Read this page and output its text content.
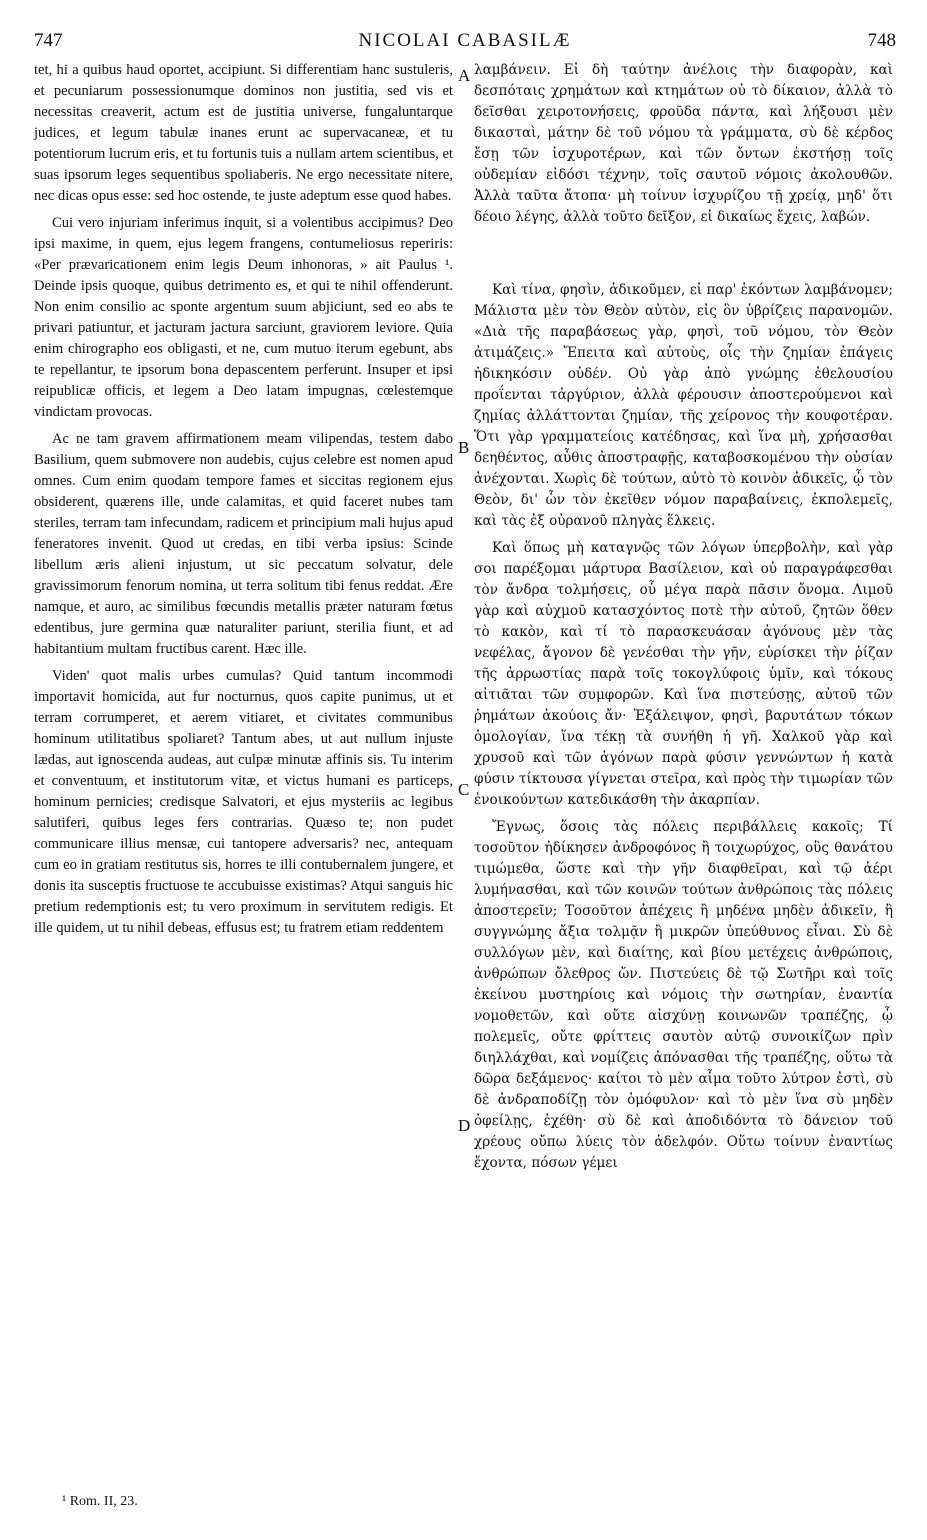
747	NICOLAI CABASILÆ	748

tet, hi a quibus haud oportet, accipiunt. Si differentiam hanc sustuleris, et pecuniarum possessionumque dominos non justitia, sed vis et necessitas creaverit, actum est de justitia universe, fungaluntarque judices, et legum tabulæ inanes erunt ac supervacaneæ, et tu potentiorum lucrum eris, et tu fortunis tuis a nullam artem scientibus, et suas ipsorum leges sequentibus spoliaberis. Ne ergo necessitate nitere, nec dicas opus esse: sed hoc ostende, te juste adeptum esse quod habes.

Cui vero injuriam inferimus inquit, si a volentibus accipimus? Deo ipsi maxime, in quem, ejus legem frangens, contumeliosus reperiris: «Per prævaricationem enim legis Deum inhonoras, » ait Paulus ¹. Deinde ipsis quoque, quibus detrimento es, et qui te nihil offenderunt. Non enim consilio ac sponte argentum suum abjiciunt, sed eo abs te privari patiuntur, et jacturam jactura sarciunt, graviorem leviore. Quia enim chirographo eos obligasti, et ne, cum mutuo iterum egebunt, abs te repellantur, te ipsorum bona depascentem perferunt. Insuper et ipsi reipublicæ officis, et legem a Deo latam impugnas, cœlestemque vindictam provocas.

Ac ne tam gravem affirmationem meam vilipendas, testem dabo Basilium, quem submovere non audebis, cujus celebre est nomen apud omnes. Cum enim quodam tempore fames et siccitas regionem ejus obsiderent, quærens ille, unde calamitas, et quid faceret nubes tam steriles, terram tam infecundam, radicem et principium mali hujus apud feneratores invenit. Quod ut credas, en tibi verba ipsius: Scinde libellum æris alieni injustum, ut sic peccatum solvatur, dele gravissimorum fenorum nomina, ut terra solitum tibi fenus reddat. Ære namque, et auro, ac similibus fœcundis metallis præter naturam fœtus edentibus, jure germina quæ naturaliter pariunt, sterilia fiunt, et ad habitantium multam fructibus carent. Hæc ille.

Viden' quot malis urbes cumulas? Quid tantum incommodi importavit homicida, aut fur nocturnus, quos capite punimus, ut et terram corrumperet, et aerem vitiaret, et civitates communibus hominum utilitatibus spoliaret? Tantum abes, ut aut nullum injuste lædas, aut ignoscenda audeas, aut culpæ minutæ affinis sis. Tu interim et conventuum, et institutorum vitæ, et victus humani es particeps, hominum pernicies; credisque Salvatori, et ejus mysteriis ac legibus salutiferi, quibus leges fers contrarias. Quæso te; non pudet communicare illius mensæ, cui tantopere adversaris? nec, antequam cum eo in gratiam restitutus sis, horres te illi contubernalem jungere, et donis ita susceptis fructuose te accubuisse existimas? Atqui sanguis hic pretium redemptionis est; tu vero proximum in servitutem redigis. Et ille quidem, ut tu nihil debeas, effusus est; tu fratrem etiam reddentem

A
B
C
D

λαμβάνειν. Εἰ δὴ ταύτην ἀνέλοις τὴν διαφορὰν, καὶ δεσπόταις χρημάτων καὶ κτημάτων οὐ τὸ δίκαιον, ἀλλὰ τὸ δεῖσθαι χειροτονήσεις, φροῦδα πάντα, καὶ λήξουσι μὲν δικασταὶ, μάτην δὲ τοῦ νόμου τὰ γράμματα, σὺ δὲ κέρδος ἔσῃ τῶν ἰσχυροτέρων, καὶ τῶν ὄντων ἐκστήσῃ τοῖς οὐδεμίαν εἰδόσι τέχνην, τοῖς σαυτοῦ νόμοις ἀκολουθῶν. Ἀλλὰ ταῦτα ἄτοπα· μὴ τοίνυν ἰσχυρίζου τῇ χρείᾳ, μηδ' ὅτι δέοιο λέγης, ἀλλὰ τοῦτο δεῖξον, εἰ δικαίως ἔχεις, λαβών.

Καὶ τίνα, φησὶν, ἀδικοῦμεν, εἰ παρ' ἑκόντων λαμβάνομεν; Μάλιστα μὲν τὸν Θεὸν αὐτὸν, εἰς ὃν ὑβρίζεις παρανομῶν. «Διὰ τῆς παραβάσεως γὰρ, φησὶ, τοῦ νόμου, τὸν Θεὸν ἀτιμάζεις.» Ἔπειτα καὶ αὐτοὺς, οἷς τὴν ζημίαν ἐπάγεις ἠδικηκόσιν οὐδέν. Οὐ γὰρ ἀπὸ γνώμης ἐθελουσίου προΐενται τἀργύριον, ἀλλὰ φέρουσιν ἀποστερούμενοι καὶ ζημίας ἀλλάττονται ζημίαν, τῆς χείρονος τὴν κουφοτέραν. Ὅτι γὰρ γραμματείοις κατέδησας, καὶ ἵνα μὴ, χρήσασθαι δεηθέντος, αὖθις ἀποστραφῇς, καταβοσκομένου τὴν οὐσίαν ἀνέχονται. Χωρὶς δὲ τούτων, αὐτὸ τὸ κοινὸν ἀδικεῖς, ᾧ τὸν Θεὸν, δι' ὧν τὸν ἐκεῖθεν νόμον παραβαίνεις, ἐκπολεμεῖς, καὶ τὰς ἐξ οὐρανοῦ πληγὰς ἕλκεις.

Καὶ ὅπως μὴ καταγνῷς τῶν λόγων ὑπερβολὴν, καὶ γὰρ σοι παρέξομαι μάρτυρα Βασίλειον, καὶ οὐ παραγράφεσθαι τὸν ἄνδρα τολμήσεις, οὗ μέγα παρὰ πᾶσιν ὄνομα. Λιμοῦ γὰρ καὶ αὐχμοῦ κατασχόντος ποτὲ τὴν αὐτοῦ, ζητῶν ὅθεν τὸ κακὸν, καὶ τί τὸ παρασκευάσαν ἀγόνους μὲν τὰς νεφέλας, ἄγονον δὲ γενέσθαι τὴν γῆν, εὑρίσκει τὴν ῥίζαν τῆς ἀρρωστίας παρὰ τοῖς τοκογλύφοις ὑμῖν, καὶ τόκους αἰτιᾶται τῶν συμφορῶν. Καὶ ἵνα πιστεύσῃς, αὐτοῦ τῶν ῥημάτων ἀκούοις ἄν· Ἐξάλειψον, φησὶ, βαρυτάτων τόκων ὁμολογίαν, ἵνα τέκῃ τὰ συνήθη ἡ γῆ. Χαλκοῦ γὰρ καὶ χρυσοῦ καὶ τῶν ἀγόνων παρὰ φύσιν γεννώντων ἡ κατὰ φύσιν τίκτουσα γίγνεται στεῖρα, καὶ πρὸς τὴν τιμωρίαν τῶν ἐνοικούντων κατεδικάσθη τὴν ἀκαρπίαν.

Ἔγνως, ὅσοις τὰς πόλεις περιβάλλεις κακοῖς; Τί τοσοῦτον ἠδίκησεν ἀνδροφόνος ἢ τοιχωρύχος, οὓς θανάτου τιμώμεθα, ὥστε καὶ τὴν γῆν διαφθεῖραι, καὶ τῷ ἀέρι λυμήνασθαι, καὶ τῶν κοινῶν τούτων ἀνθρώποις τὰς πόλεις ἀποστερεῖν; Τοσοῦτον ἀπέχεις ἢ μηδένα μηδὲν ἀδικεῖν, ἢ συγγνώμης ἄξια τολμᾷν ἢ μικρῶν ὑπεύθυνος εἶναι. Σὺ δὲ συλλόγων μὲν, καὶ διαίτης, καὶ βίου μετέχεις ἀνθρώποις, ἀνθρώπων ὄλεθρος ὤν. Πιστεύεις δὲ τῷ Σωτῆρι καὶ τοῖς ἐκείνου μυστηρίοις καὶ νόμοις τὴν σωτηρίαν, ἐναντία νομοθετῶν, καὶ οὔτε αἰσχύνῃ κοινωνῶν τραπέζης, ᾧ πολεμεῖς, οὔτε φρίττεις σαυτὸν αὐτῷ συνοικίζων πρὶν διηλλάχθαι, καὶ νομίζεις ἀπόνασθαι τῆς τραπέζης, οὕτω τὰ δῶρα δεξάμενος· καίτοι τὸ μὲν αἷμα τοῦτο λύτρον ἐστὶ, σὺ δὲ ἀνδραποδίζῃ τὸν ὁμόφυλον· καὶ τὸ μὲν ἵνα σὺ μηδὲν ὀφείλῃς, ἐχέθη· σὺ δὲ καὶ ἀποδιδόντα τὸ δάνειον τοῦ χρέους οὔπω λύεις τὸν ἀδελφόν. Οὕτω τοίνυν ἐναντίως ἔχοντα, πόσων γέμει

¹ Rom. II, 23.
